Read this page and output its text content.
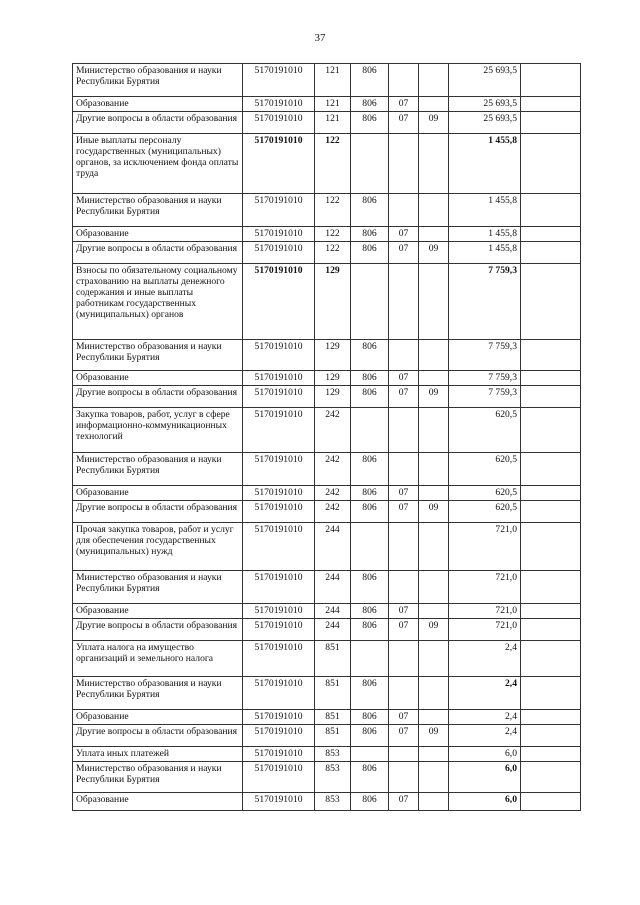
37
Министерство образования и науки Республики Бурятия	5170191010	121	806			25 693,5	
Образование	5170191010	121	806	07		25 693,5	
Другие вопросы в области образования	5170191010	121	806	07	09	25 693,5	
Иные выплаты персоналу государственных (муниципальных) органов, за исключением фонда оплаты труда	5170191010	122				1 455,8	
Министерство образования и науки Республики Бурятия	5170191010	122	806			1 455,8	
Образование	5170191010	122	806	07		1 455,8	
Другие вопросы в области образования	5170191010	122	806	07	09	1 455,8	
Взносы по обязательному социальному страхованию на выплаты денежного содержания и иные выплаты работникам государственных (муниципальных) органов	5170191010	129				7 759,3	
Министерство образования и науки Республики Бурятия	5170191010	129	806			7 759,3	
Образование	5170191010	129	806	07		7 759,3	
Другие вопросы в области образования	5170191010	129	806	07	09	7 759,3	
Закупка товаров, работ, услуг в сфере информационно-коммуникационных технологий	5170191010	242				620,5	
Министерство образования и науки Республики Бурятия	5170191010	242	806			620,5	
Образование	5170191010	242	806	07		620,5	
Другие вопросы в области образования	5170191010	242	806	07	09	620,5	
Прочая закупка товаров, работ и услуг для обеспечения государственных (муниципальных) нужд	5170191010	244				721,0	
Министерство образования и науки Республики Бурятия	5170191010	244	806			721,0	
Образование	5170191010	244	806	07		721,0	
Другие вопросы в области образования	5170191010	244	806	07	09	721,0	
Уплата налога на имущество организаций и земельного налога	5170191010	851				2,4	
Министерство образования и науки Республики Бурятия	5170191010	851	806			2,4	
Образование	5170191010	851	806	07		2,4	
Другие вопросы в области образования	5170191010	851	806	07	09	2,4	
Уплата иных платежей	5170191010	853				6,0	
Министерство образования и науки Республики Бурятия	5170191010	853	806			6,0	
Образование	5170191010	853	806	07		6,0	
